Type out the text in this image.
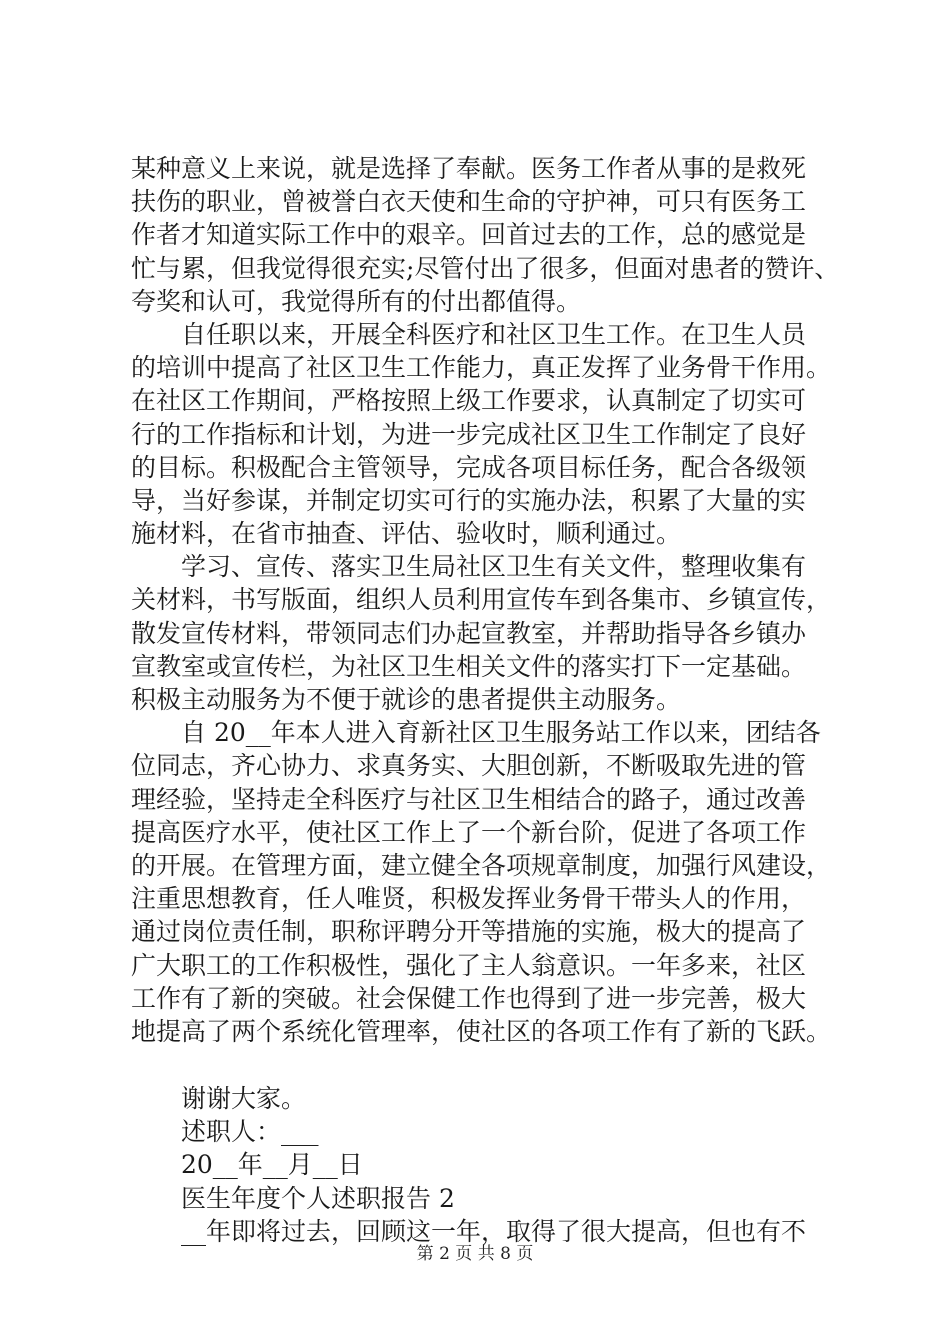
某种意义上来说，就是选择了奉献。医务工作者从事的是救死
扶伤的职业，曾被誉白衣天使和生命的守护神，可只有医务工
作者才知道实际工作中的艰辛。回首过去的工作，总的感觉是
忙与累，但我觉得很充实;尽管付出了很多，但面对患者的赞许、
夸奖和认可，我觉得所有的付出都值得。
自任职以来，开展全科医疗和社区卫生工作。在卫生人员
的培训中提高了社区卫生工作能力，真正发挥了业务骨干作用。
在社区工作期间，严格按照上级工作要求，认真制定了切实可
行的工作指标和计划，为进一步完成社区卫生工作制定了良好
的目标。积极配合主管领导，完成各项目标任务，配合各级领
导，当好参谋，并制定切实可行的实施办法，积累了大量的实
施材料，在省市抽查、评估、验收时，顺利通过。
学习、宣传、落实卫生局社区卫生有关文件，整理收集有
关材料，书写版面，组织人员利用宣传车到各集市、乡镇宣传，
散发宣传材料，带领同志们办起宣教室，并帮助指导各乡镇办
宣教室或宣传栏，为社区卫生相关文件的落实打下一定基础。
积极主动服务为不便于就诊的患者提供主动服务。
自 20__年本人进入育新社区卫生服务站工作以来，团结各
位同志，齐心协力、求真务实、大胆创新，不断吸取先进的管
理经验，坚持走全科医疗与社区卫生相结合的路子，通过改善
提高医疗水平，使社区工作上了一个新台阶，促进了各项工作
的开展。在管理方面，建立健全各项规章制度，加强行风建设，
注重思想教育，任人唯贤，积极发挥业务骨干带头人的作用，
通过岗位责任制，职称评聘分开等措施的实施，极大的提高了
广大职工的工作积极性，强化了主人翁意识。一年多来，社区
工作有了新的突破。社会保健工作也得到了进一步完善，极大
地提高了两个系统化管理率，使社区的各项工作有了新的飞跃。
谢谢大家。
述职人：___
20__年__月__日
医生年度个人述职报告 2
__年即将过去，回顾这一年，取得了很大提高，但也有不
第 2 页 共 8 页
